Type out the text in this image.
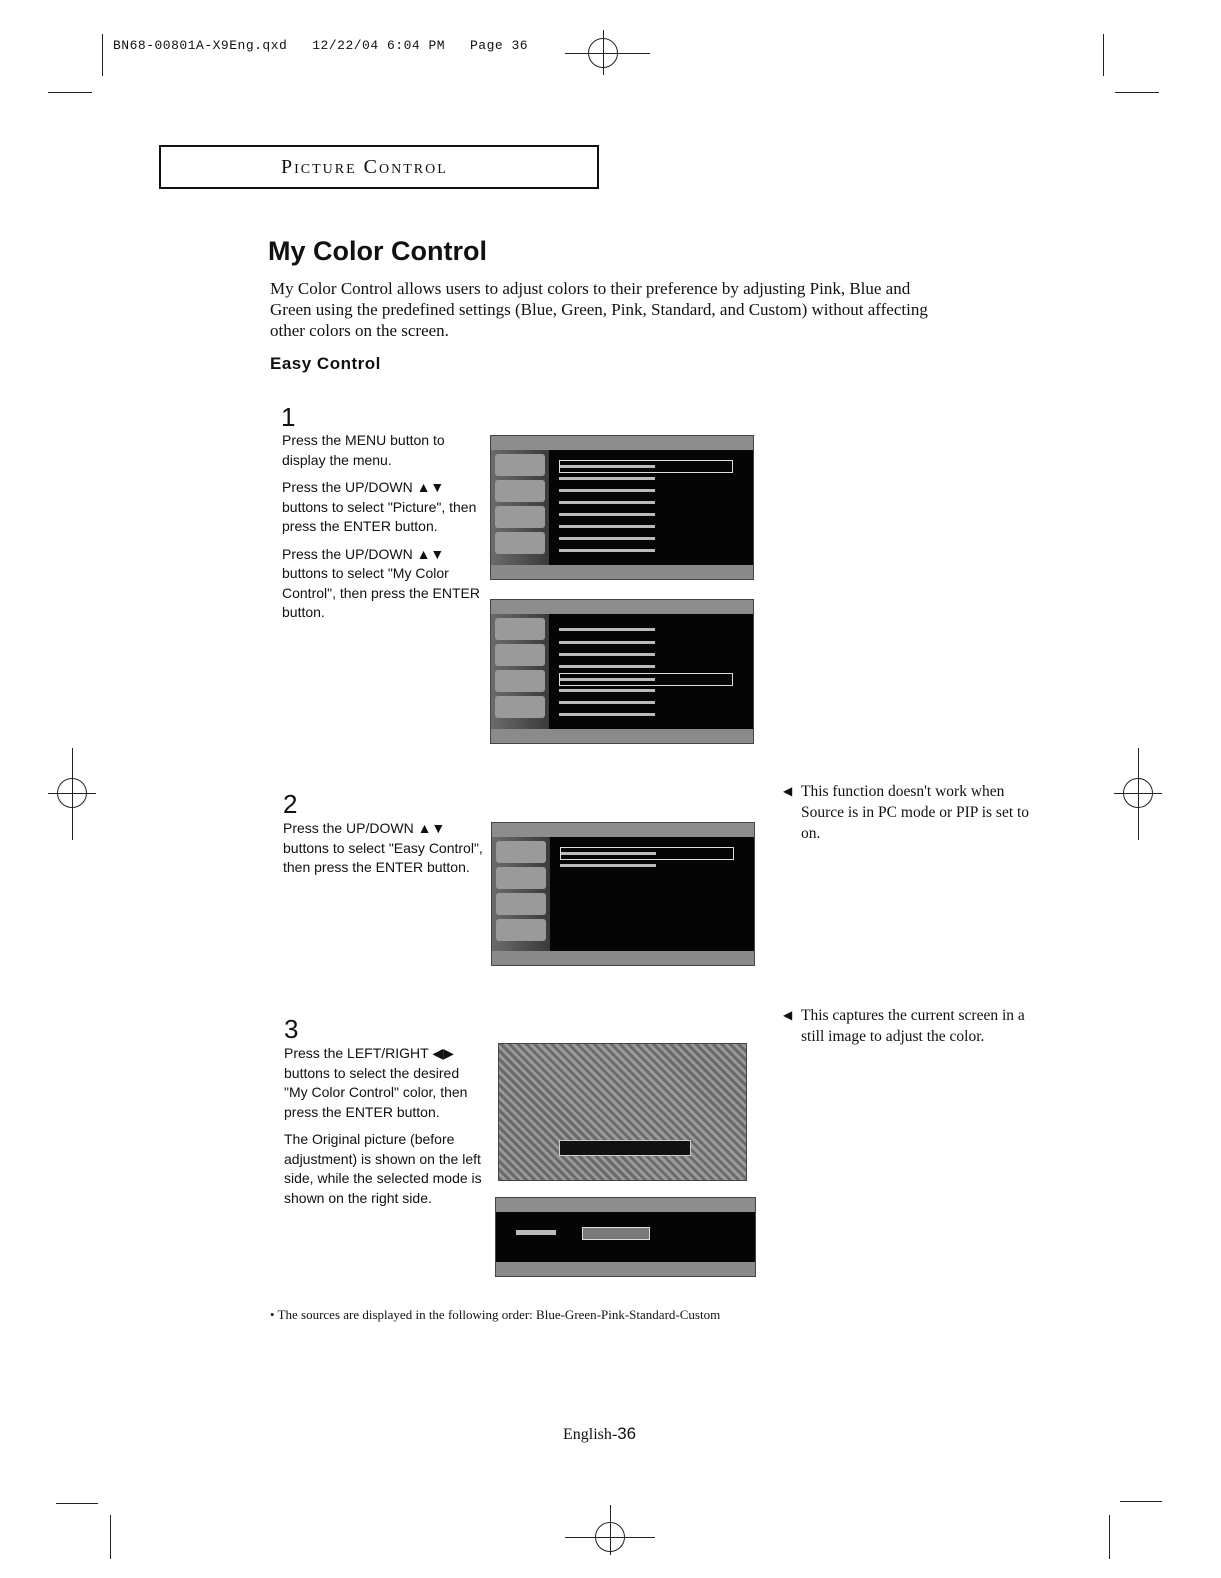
BN68-00801A-X9Eng.qxd 12/22/04 6:04 PM Page 36
Picture Control
My Color Control
My Color Control allows users to adjust colors to their preference by adjusting Pink, Blue and Green using the predefined settings (Blue, Green, Pink, Standard, and Custom) without affecting other colors on the screen.
Easy Control
1

Press the MENU button to display the menu.

Press the UP/DOWN ▲▼ buttons to select "Picture", then press the ENTER button.

Press the UP/DOWN ▲▼ buttons to select "My Color Control", then press the ENTER button.

2

Press the UP/DOWN ▲▼ buttons to select "Easy Control", then press the ENTER button.

◀ This function doesn't work when Source is in PC mode or PIP is set to on.
3

Press the LEFT/RIGHT ◀▶ buttons to select the desired "My Color Control" color, then press the ENTER button.

The Original picture (before adjustment) is shown on the left side, while the selected mode is shown on the right side.

◀ This captures the current screen in a still image to adjust the color.
• The sources are displayed in the following order: Blue-Green-Pink-Standard-Custom
English-36
